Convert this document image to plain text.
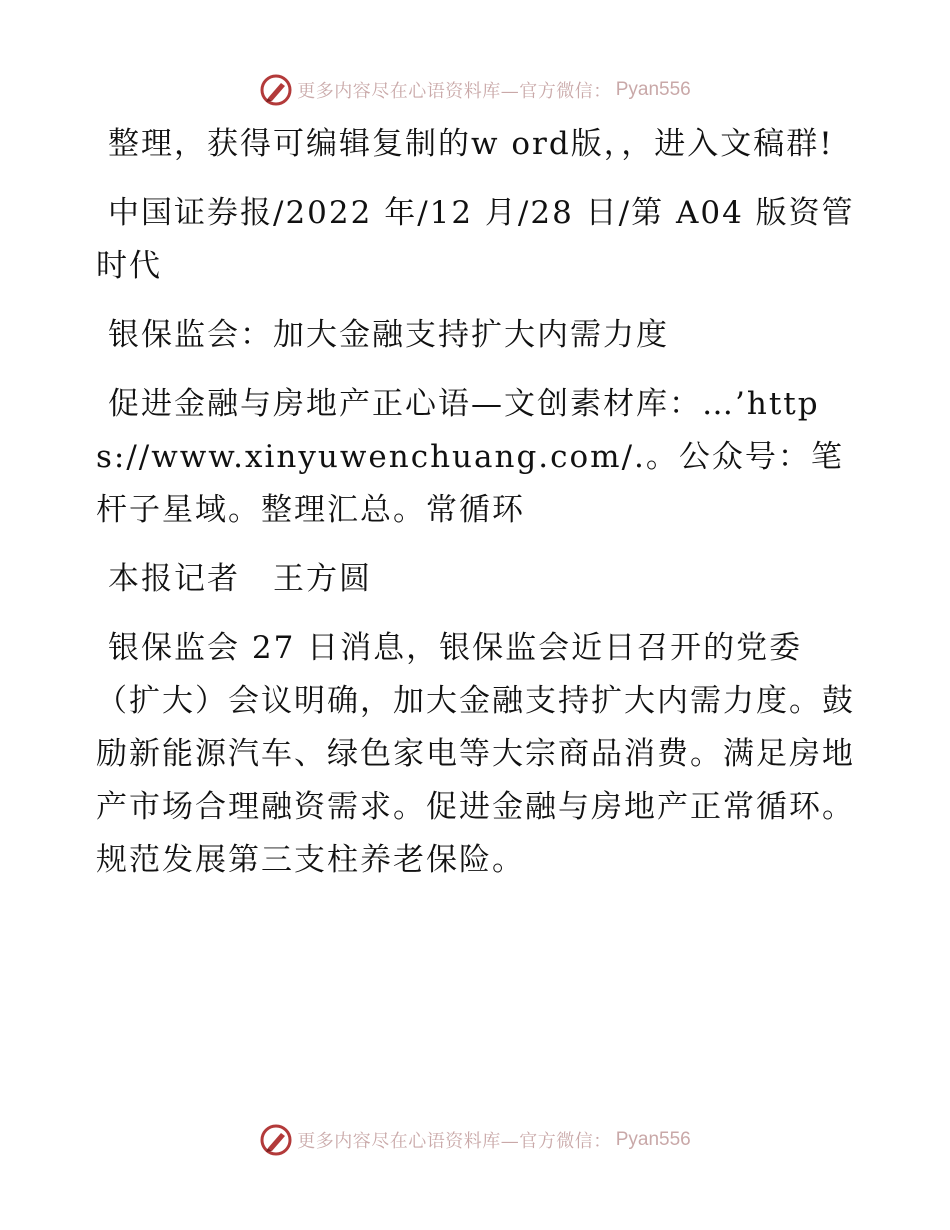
更多内容尽在心语资料库—官方微信： Pyan556

整理，获得可编辑复制的w ord版，，进入文稿群!

中国证券报/2022 年/12 月/28 日/第 A04 版资管时代

银保监会：加大金融支持扩大内需力度

促进金融与房地产正心语—文创素材库：…’https://www.xinyuwenchuang.com/.。公众号：笔杆子星域。整理汇总。常循环

本报记者　王方圆

银保监会 27 日消息，银保监会近日召开的党委（扩大）会议明确，加大金融支持扩大内需力度。鼓励新能源汽车、绿色家电等大宗商品消费。满足房地产市场合理融资需求。促进金融与房地产正常循环。规范发展第三支柱养老保险。

更多内容尽在心语资料库—官方微信： Pyan556
